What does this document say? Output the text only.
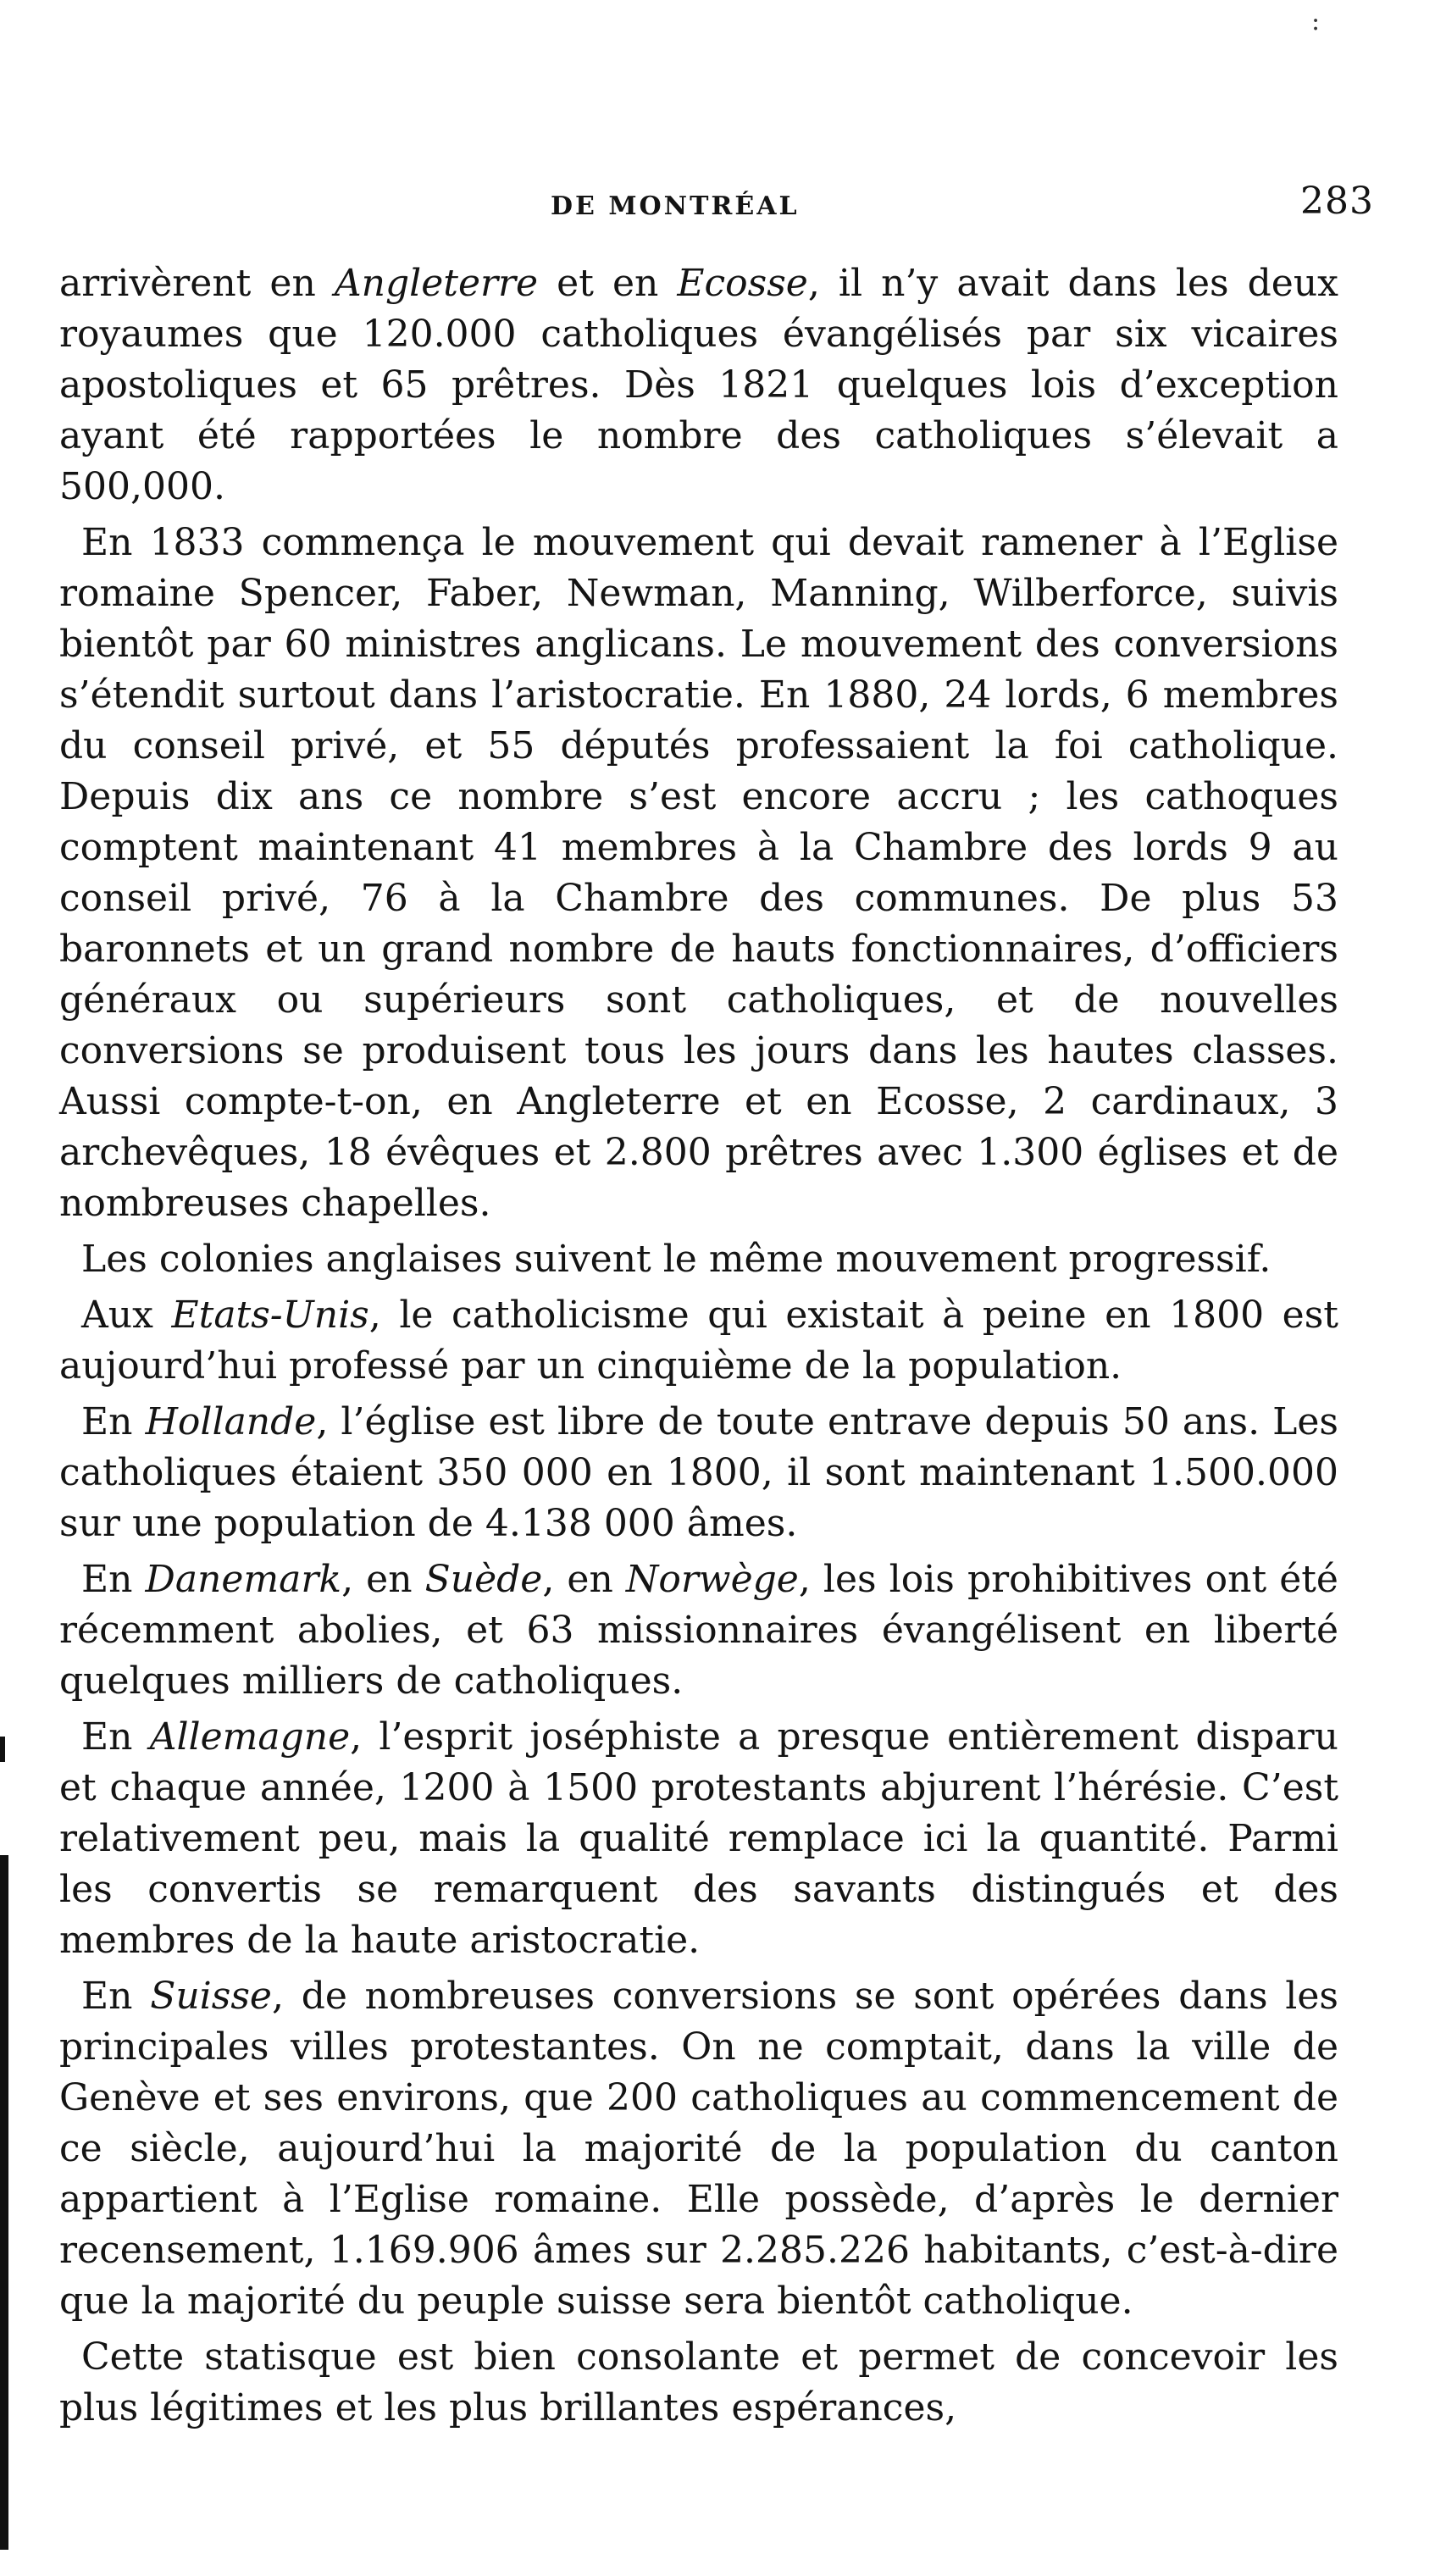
DE MONTRÉAL	283
:

arrivèrent en Angleterre et en Ecosse, il n’y avait dans les deux royaumes que 120.000 catholiques évangélisés par six vicaires apostoliques et 65 prêtres. Dès 1821 quelques lois d’exception ayant été rapportées le nombre des catholiques s’élevait a 500,000.

En 1833 commença le mouvement qui devait ramener à l’Eglise romaine Spencer, Faber, Newman, Manning, Wilberforce, suivis bientôt par 60 ministres anglicans. Le mouvement des conversions s’étendit surtout dans l’aristocratie. En 1880, 24 lords, 6 membres du conseil privé, et 55 députés professaient la foi catholique. Depuis dix ans ce nombre s’est encore accru ; les cathoques comptent maintenant 41 membres à la Chambre des lords 9 au conseil privé, 76 à la Chambre des communes. De plus 53 baronnets et un grand nombre de hauts fonctionnaires, d’officiers généraux ou supérieurs sont catholiques, et de nouvelles conversions se produisent tous les jours dans les hautes classes. Aussi compte-t-on, en Angleterre et en Ecosse, 2 cardinaux, 3 archevêques, 18 évêques et 2.800 prêtres avec 1.300 églises et de nombreuses chapelles.

Les colonies anglaises suivent le même mouvement progressif.

Aux Etats-Unis, le catholicisme qui existait à peine en 1800 est aujourd’hui professé par un cinquième de la population.

En Hollande, l’église est libre de toute entrave depuis 50 ans. Les catholiques étaient 350 000 en 1800, il sont maintenant 1.500.000 sur une population de 4.138 000 âmes.

En Danemark, en Suède, en Norwège, les lois prohibitives ont été récemment abolies, et 63 missionnaires évangélisent en liberté quelques milliers de catholiques.

En Allemagne, l’esprit joséphiste a presque entièrement disparu et chaque année, 1200 à 1500 protestants abjurent l’hérésie. C’est relativement peu, mais la qualité remplace ici la quantité. Parmi les convertis se remarquent des savants distingués et des membres de la haute aristocratie.

En Suisse, de nombreuses conversions se sont opérées dans les principales villes protestantes. On ne comptait, dans la ville de Genève et ses environs, que 200 catholiques au commencement de ce siècle, aujourd’hui la majorité de la population du canton appartient à l’Eglise romaine. Elle possède, d’après le dernier recensement, 1.169.906 âmes sur 2.285.226 habitants, c’est-à-dire que la majorité du peuple suisse sera bientôt catholique.

Cette statisque est bien consolante et permet de concevoir les plus légitimes et les plus brillantes espérances,
